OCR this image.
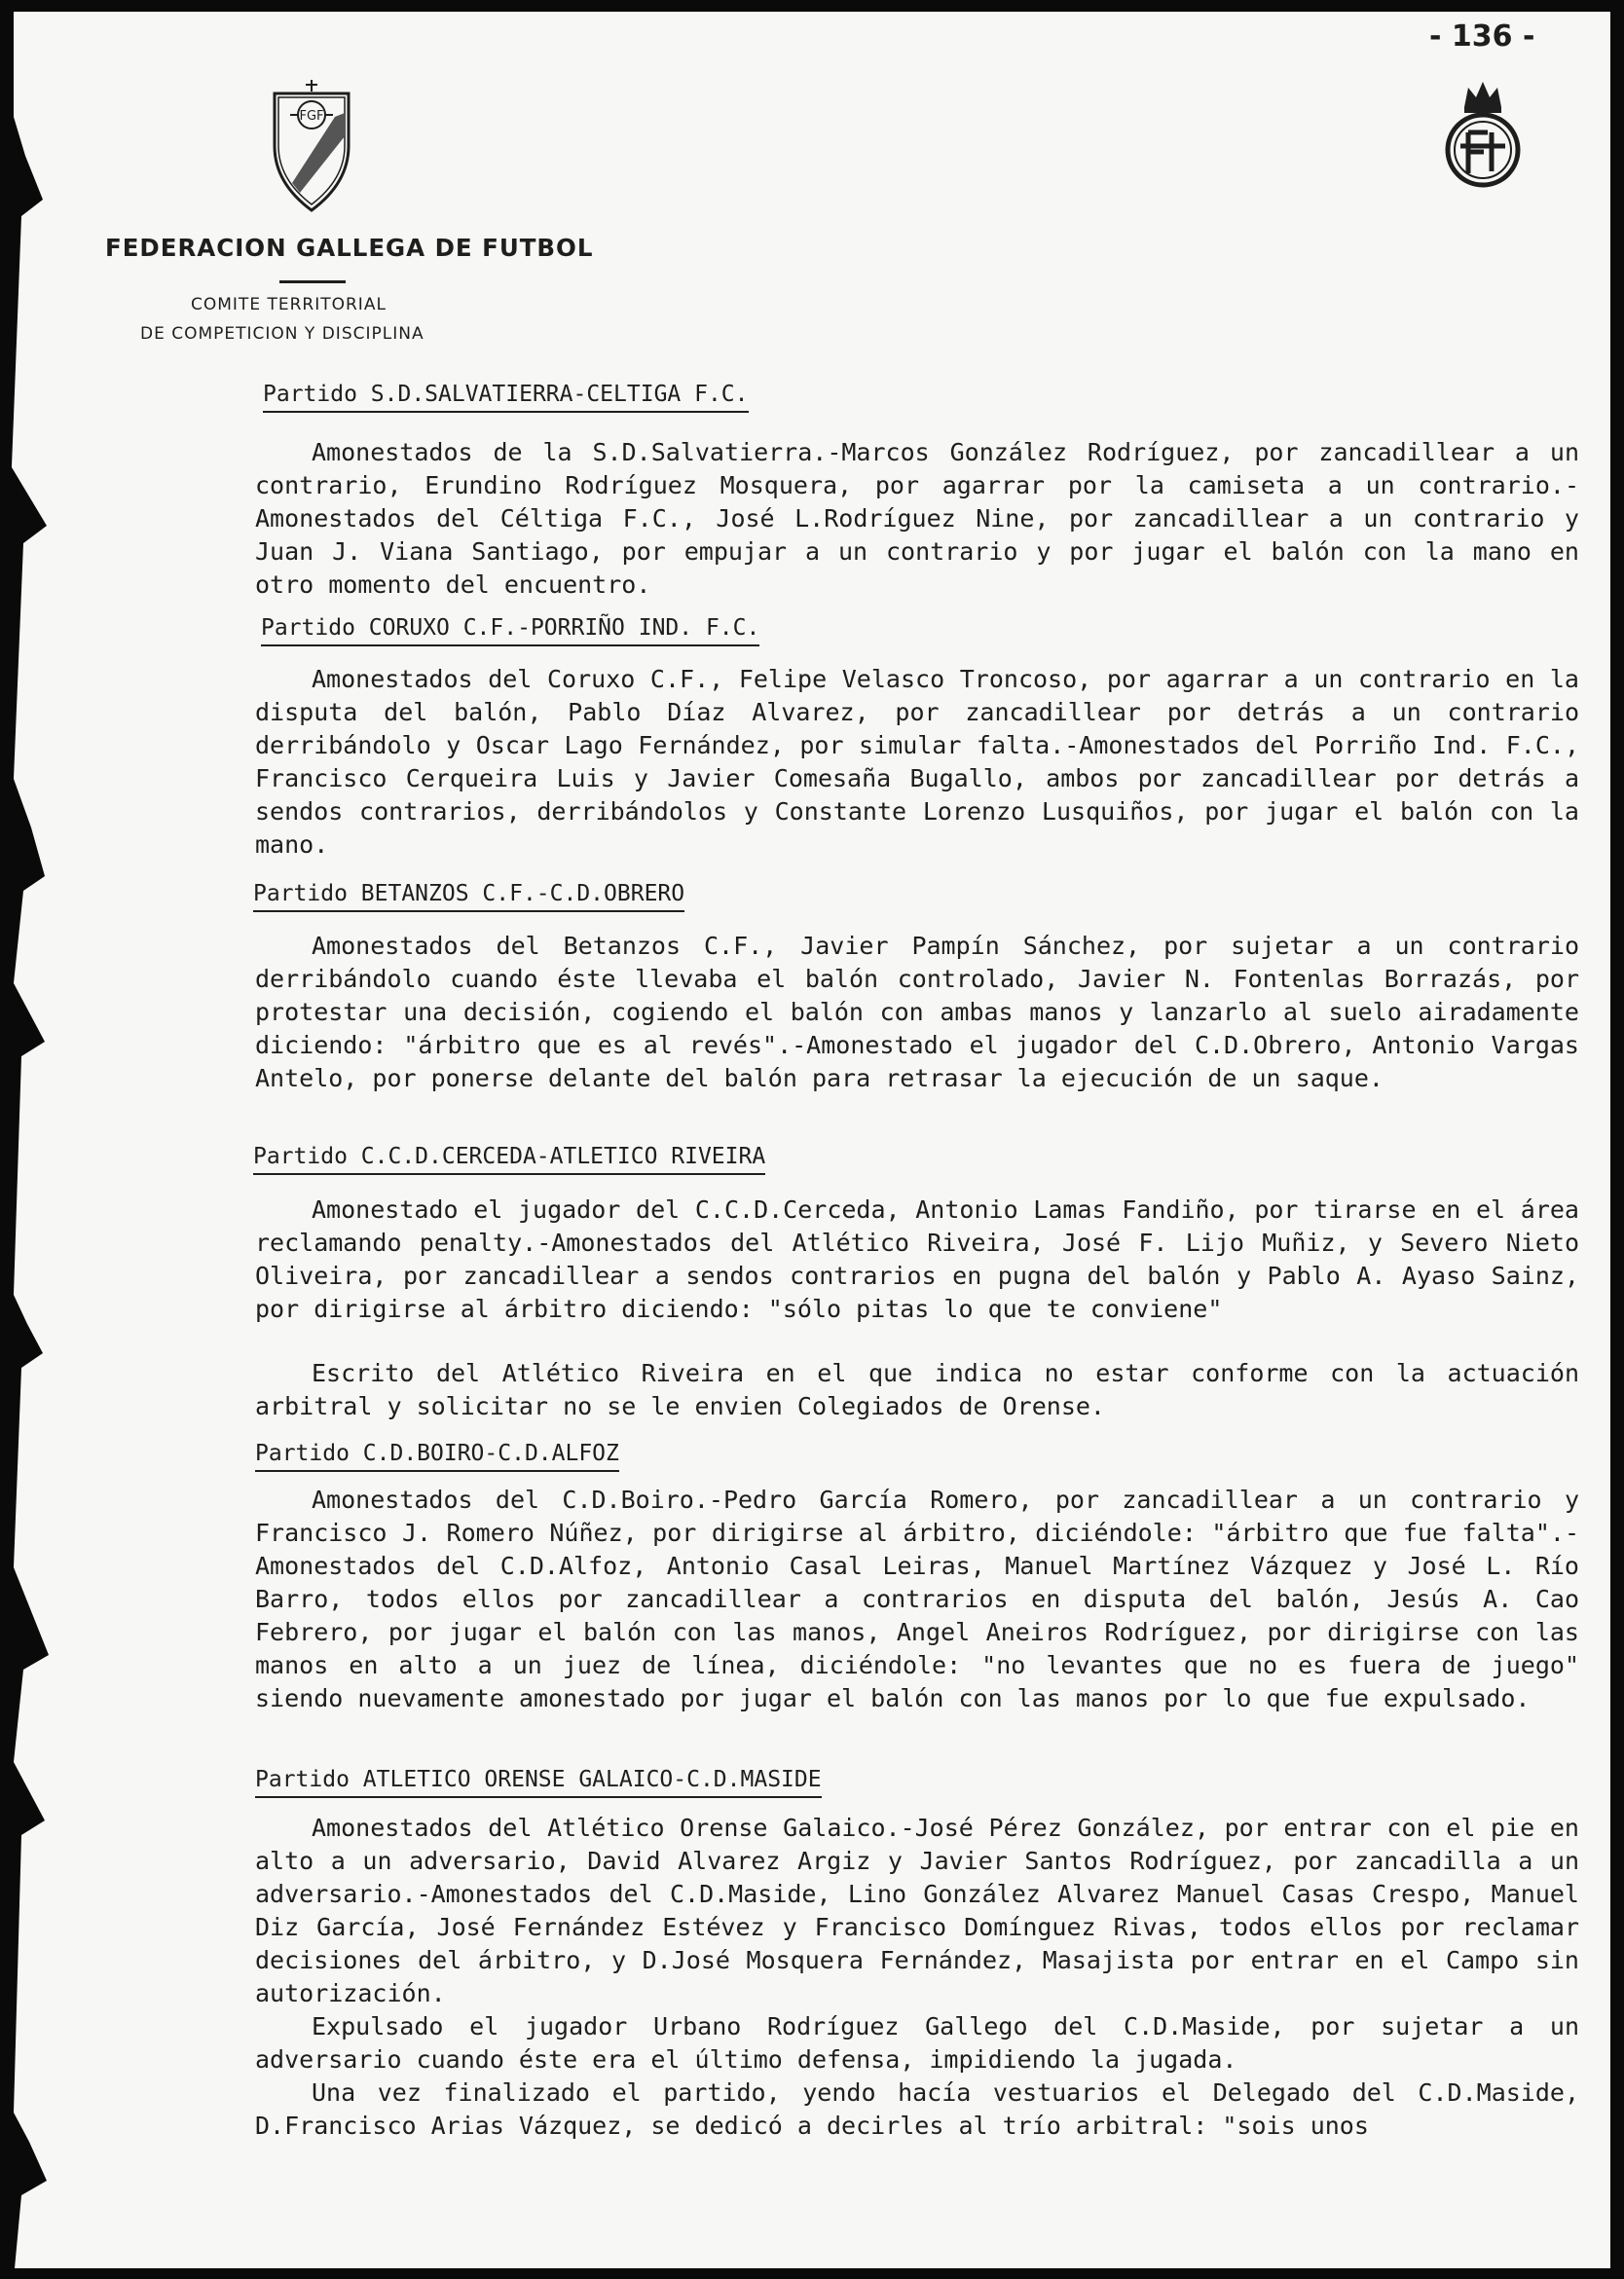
- 136 -
FGF
FEDERACION GALLEGA DE FUTBOL
COMITE TERRITORIAL
DE COMPETICION Y DISCIPLINA
Partido S.D.SALVATIERRA-CELTIGA F.C.
Amonestados de la S.D.Salvatierra.-Marcos González Rodríguez, por zancadillear a un contrario, Erundino Rodríguez Mosquera, por agarrar por la camiseta a un contrario.-Amonestados del Céltiga F.C., José L.Rodríguez Nine, por zancadillear a un contrario y Juan J. Viana Santiago, por empujar a un contrario y por jugar el balón con la mano en otro momento del encuentro.
Partido CORUXO C.F.-PORRIÑO IND. F.C.
Amonestados del Coruxo C.F., Felipe Velasco Troncoso, por agarrar a un contrario en la disputa del balón, Pablo Díaz Alvarez, por zancadillear por detrás a un contrario derribándolo y Oscar Lago Fernández, por simular falta.-Amonestados del Porriño Ind. F.C., Francisco Cerqueira Luis y Javier Comesaña Bugallo, ambos por zancadillear por detrás a sendos contrarios, derribándolos y Constante Lorenzo Lusquiños, por jugar el balón con la mano.
Partido BETANZOS C.F.-C.D.OBRERO
Amonestados del Betanzos C.F., Javier Pampín Sánchez, por sujetar a un contrario derribándolo cuando éste llevaba el balón controlado, Javier N. Fontenlas Borrazás, por protestar una decisión, cogiendo el balón con ambas manos y lanzarlo al suelo airadamente diciendo: "árbitro que es al revés".-Amonestado el jugador del C.D.Obrero, Antonio Vargas Antelo, por ponerse delante del balón para retrasar la ejecución de un saque.
Partido C.C.D.CERCEDA-ATLETICO RIVEIRA
Amonestado el jugador del C.C.D.Cerceda, Antonio Lamas Fandiño, por tirarse en el área reclamando penalty.-Amonestados del Atlético Riveira, José F. Lijo Muñiz, y Severo Nieto Oliveira, por zancadillear a sendos contrarios en pugna del balón y Pablo A. Ayaso Sainz, por dirigirse al árbitro diciendo: "sólo pitas lo que te conviene"
Escrito del Atlético Riveira en el que indica no estar conforme con la actuación arbitral y solicitar no se le envien Colegiados de Orense.
Partido C.D.BOIRO-C.D.ALFOZ
Amonestados del C.D.Boiro.-Pedro García Romero, por zancadillear a un contrario y Francisco J. Romero Núñez, por dirigirse al árbitro, diciéndole: "árbitro que fue falta".-Amonestados del C.D.Alfoz, Antonio Casal Leiras, Manuel Martínez Vázquez y José L. Río Barro, todos ellos por zancadillear a contrarios en disputa del balón, Jesús A. Cao Febrero, por jugar el balón con las manos, Angel Aneiros Rodríguez, por dirigirse con las manos en alto a un juez de línea, diciéndole: "no levantes que no es fuera de juego" siendo nuevamente amonestado por jugar el balón con las manos por lo que fue expulsado.
Partido ATLETICO ORENSE GALAICO-C.D.MASIDE
Amonestados del Atlético Orense Galaico.-José Pérez González, por entrar con el pie en alto a un adversario, David Alvarez Argiz y Javier Santos Rodríguez, por zancadilla a un adversario.-Amonestados del C.D.Maside, Lino González Alvarez Manuel Casas Crespo, Manuel Diz García, José Fernández Estévez y Francisco Domínguez Rivas, todos ellos por reclamar decisiones del árbitro, y D.José Mosquera Fernández, Masajista por entrar en el Campo sin autorización.
Expulsado el jugador Urbano Rodríguez Gallego del C.D.Maside, por sujetar a un adversario cuando éste era el último defensa, impidiendo la jugada.
Una vez finalizado el partido, yendo hacía vestuarios el Delegado del C.D.Maside, D.Francisco Arias Vázquez, se dedicó a decirles al trío arbitral: "sois unos
